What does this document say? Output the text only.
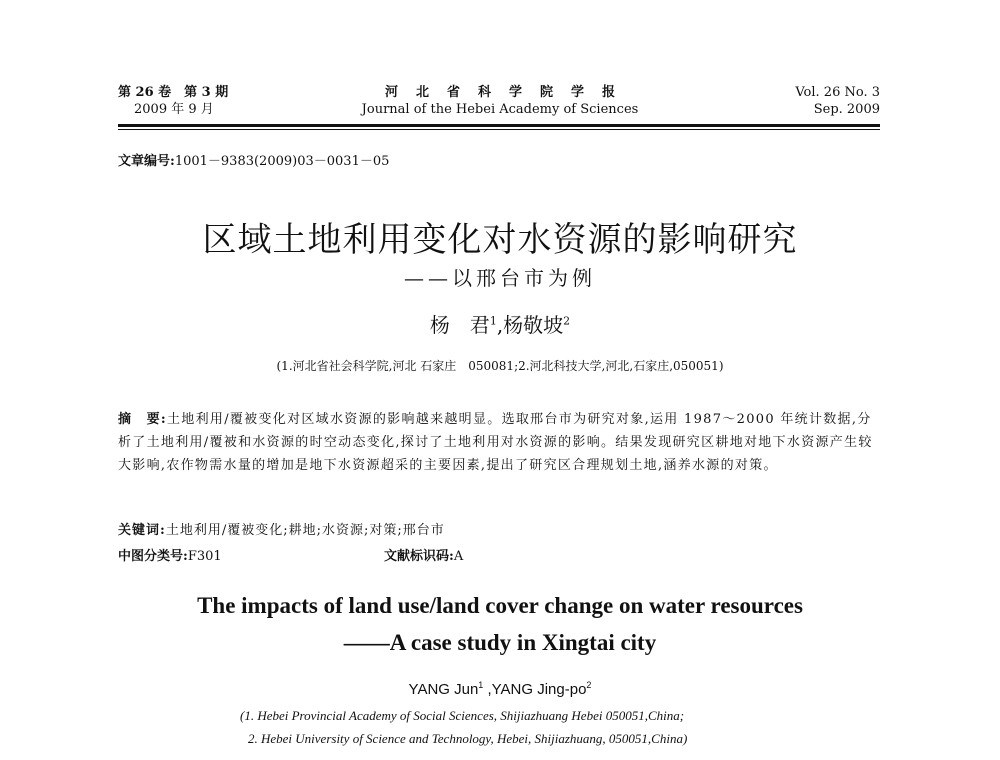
第 26 卷　第 3 期
2009 年 9 月
河北省科学院学报
Journal of the Hebei Academy of Sciences
Vol. 26 No. 3
Sep. 2009
文章编号:1001－9383(2009)03－0031－05
区域土地利用变化对水资源的影响研究
——以邢台市为例
杨　君$^1$,杨敬坡$^2$
(1.河北省社会科学院,河北 石家庄　050081;2.河北科技大学,河北,石家庄,050051)
摘　要:土地利用/覆被变化对区域水资源的影响越来越明显。选取邢台市为研究对象,运用 1987～2000 年统计数据,分析了土地利用/覆被和水资源的时空动态变化,探讨了土地利用对水资源的影响。结果发现研究区耕地对地下水资源产生较大影响,农作物需水量的增加是地下水资源超采的主要因素,提出了研究区合理规划土地,涵养水源的对策。
关键词:土地利用/覆被变化;耕地;水资源;对策;邢台市
中图分类号:F301	文献标识码:A
The impacts of land use/land cover change on water resources
——A case study in Xingtai city
YANG Jun$^1$ ,YANG Jing-$po^2$
(1. Hebei Provincial Academy of Social Sciences, Shijiazhuang Hebei 050051,China;
2. Hebei University of Science and Technology, Hebei, Shijiazhuang, 050051,China)
